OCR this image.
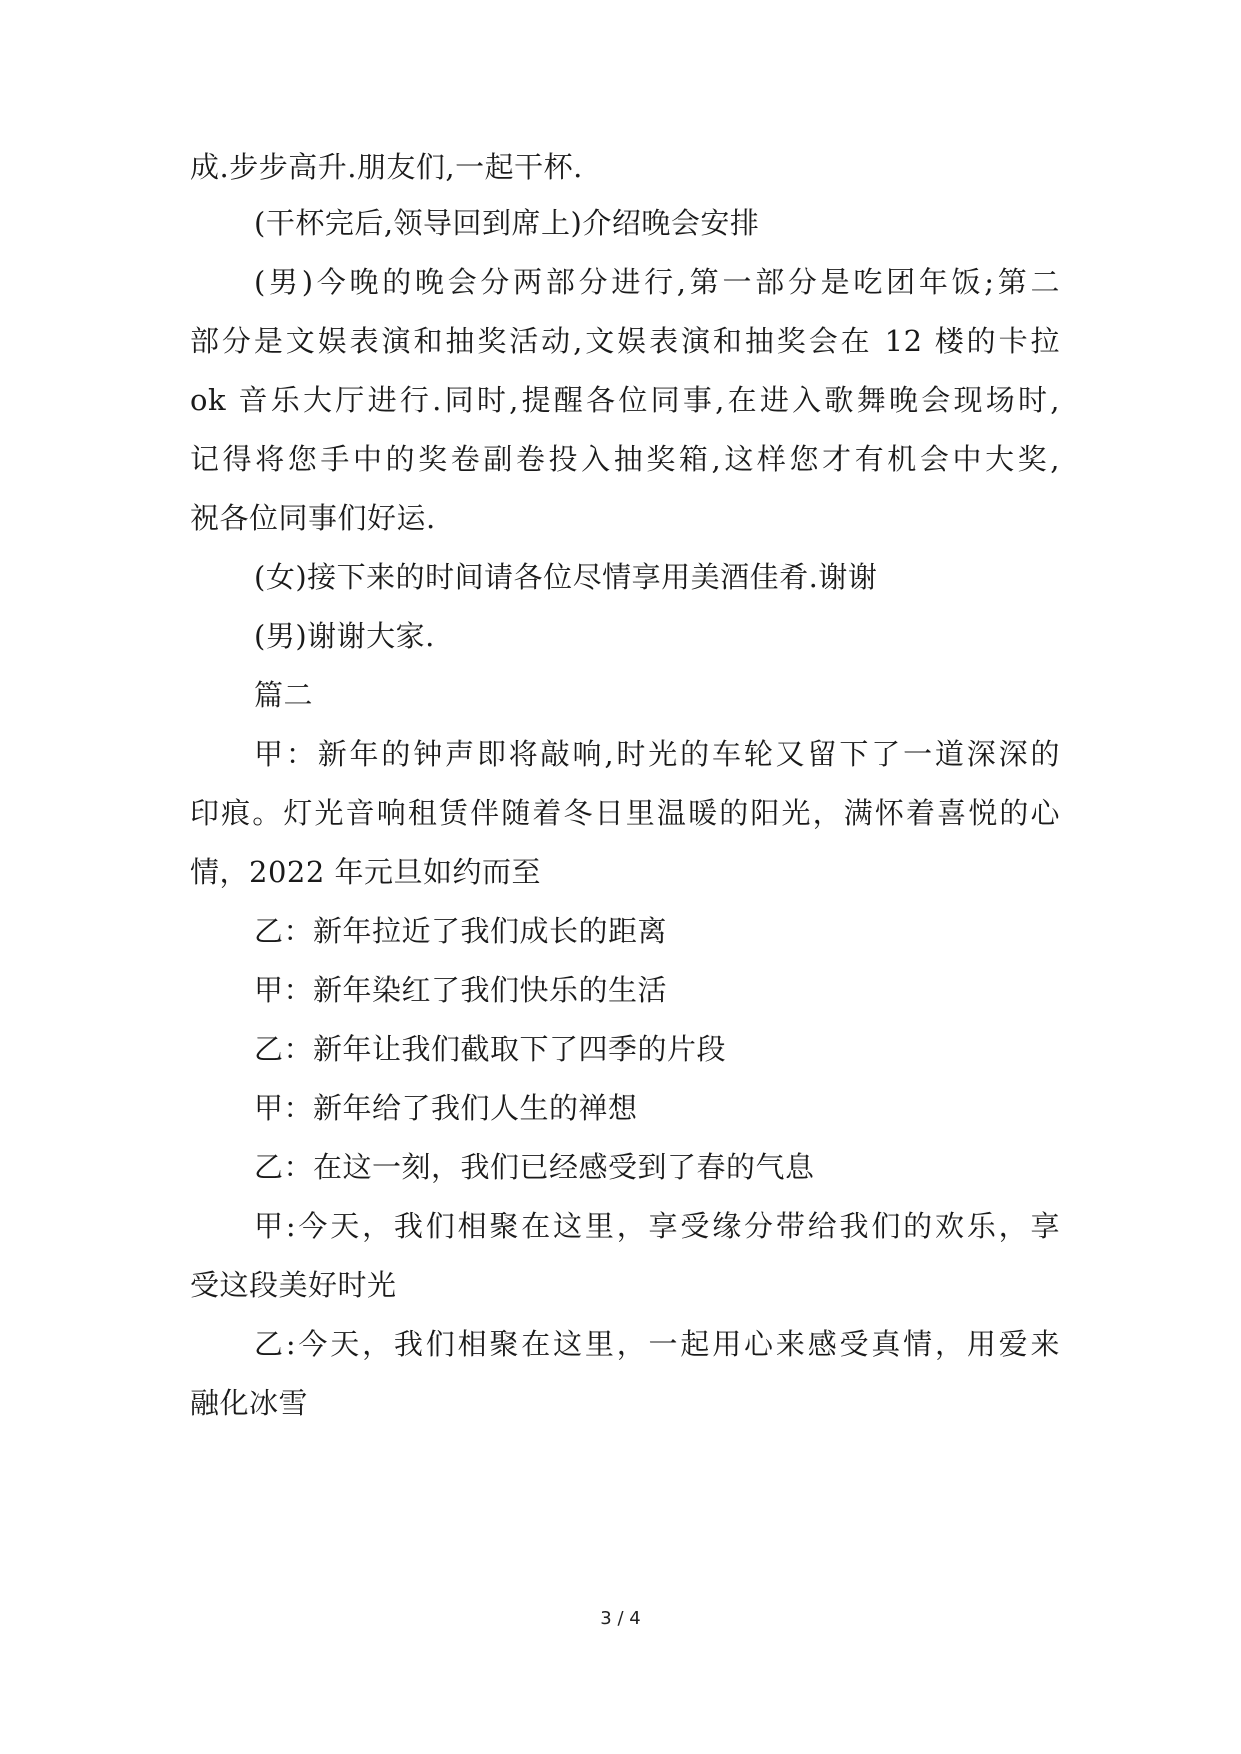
成.步步高升.朋友们,一起干杯.
(干杯完后,领导回到席上)介绍晚会安排
(男)今晚的晚会分两部分进行,第一部分是吃团年饭;第二
部分是文娱表演和抽奖活动,文娱表演和抽奖会在 12 楼的卡拉
ok 音乐大厅进行.同时,提醒各位同事,在进入歌舞晚会现场时,
记得将您手中的奖卷副卷投入抽奖箱,这样您才有机会中大奖,
祝各位同事们好运.
(女)接下来的时间请各位尽情享用美酒佳肴.谢谢
(男)谢谢大家.
篇二
甲：新年的钟声即将敲响,时光的车轮又留下了一道深深的
印痕。灯光音响租赁伴随着冬日里温暖的阳光，满怀着喜悦的心
情，2022 年元旦如约而至
乙：新年拉近了我们成长的距离
甲：新年染红了我们快乐的生活
乙：新年让我们截取下了四季的片段
甲：新年给了我们人生的禅想
乙：在这一刻，我们已经感受到了春的气息
甲:今天，我们相聚在这里，享受缘分带给我们的欢乐，享
受这段美好时光
乙:今天，我们相聚在这里，一起用心来感受真情，用爱来
融化冰雪
3 / 4
